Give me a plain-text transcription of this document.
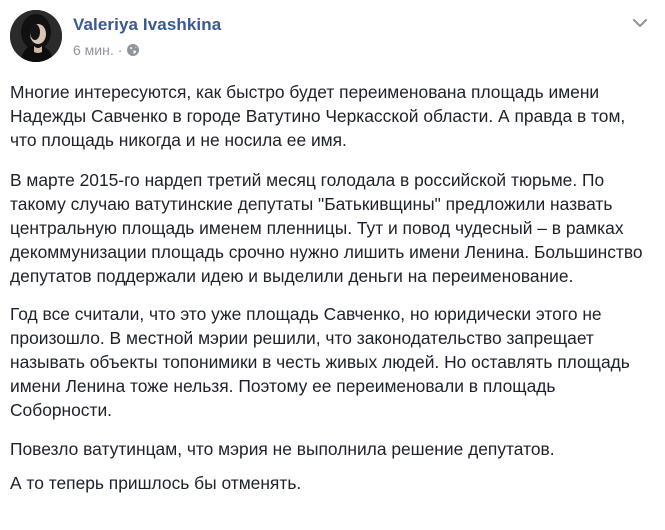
Valeriya Ivashkina
6 мин. ·

Многие интересуются, как быстро будет переименована площадь имени Надежды Савченко в городе Ватутино Черкасской области. А правда в том, что площадь никогда и не носила ее имя.

В марте 2015-го нардеп третий месяц голодала в российской тюрьме. По такому случаю ватутинские депутаты "Батькивщины" предложили назвать центральную площадь именем пленницы. Тут и повод чудесный – в рамках декоммунизации площадь срочно нужно лишить имени Ленина. Большинство депутатов поддержали идею и выделили деньги на переименование.

Год все считали, что это уже площадь Савченко, но юридически этого не произошло. В местной мэрии решили, что законодательство запрещает называть объекты топонимики в честь живых людей. Но оставлять площадь имени Ленина тоже нельзя. Поэтому ее переименовали в площадь Соборности.

Повезло ватутинцам, что мэрия не выполнила решение депутатов.

А то теперь пришлось бы отменять.
